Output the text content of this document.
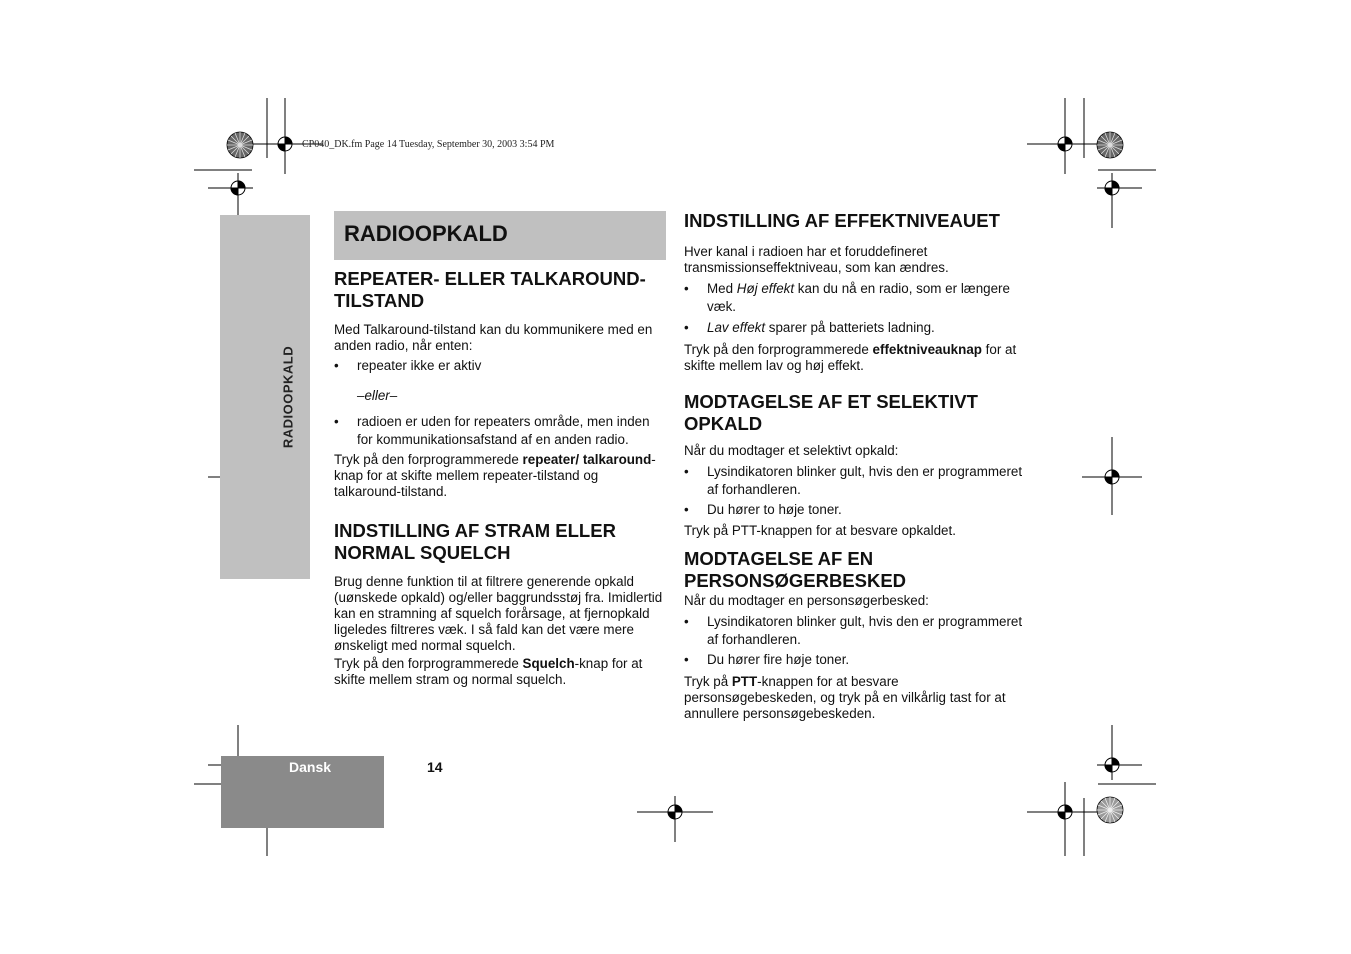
CP040_DK.fm Page 14 Tuesday, September 30, 2003 3:54 PM
RADIOOPKALD
RADIOOPKALD
REPEATER- ELLER TALKAROUND-TILSTAND

Med Talkaround-tilstand kan du kommunikere med en anden radio, når enten:

• repeater ikke er aktiv

–eller–

• radioen er uden for repeaters område, men inden for kommunikationsafstand af en anden radio.

Tryk på den forprogrammerede repeater/ talkaround-knap for at skifte mellem repeater-tilstand og talkaround-tilstand.

INDSTILLING AF STRAM ELLER NORMAL SQUELCH

Brug denne funktion til at filtrere generende opkald (uønskede opkald) og/eller baggrundsstøj fra. Imidlertid kan en stramning af squelch forårsage, at fjernopkald ligeledes filtreres væk. I så fald kan det være mere ønskeligt med normal squelch.

Tryk på den forprogrammerede Squelch-knap for at skifte mellem stram og normal squelch.

INDSTILLING AF EFFEKTNIVEAUET

Hver kanal i radioen har et foruddefineret transmissionseffektniveau, som kan ændres.

• Med Høj effekt kan du nå en radio, som er længere væk.

• Lav effekt sparer på batteriets ladning.

Tryk på den forprogrammerede effektniveauknap for at skifte mellem lav og høj effekt.

MODTAGELSE AF ET SELEKTIVT OPKALD

Når du modtager et selektivt opkald:

• Lysindikatoren blinker gult, hvis den er programmeret af forhandleren.

• Du hører to høje toner.

Tryk på PTT-knappen for at besvare opkaldet.

MODTAGELSE AF EN PERSONSØGERBESKED

Når du modtager en personsøgerbesked:

• Lysindikatoren blinker gult, hvis den er programmeret af forhandleren.

• Du hører fire høje toner.

Tryk på PTT-knappen for at besvare personsøgebeskeden, og tryk på en vilkårlig tast for at annullere personsøgebeskeden.

Dansk	14
